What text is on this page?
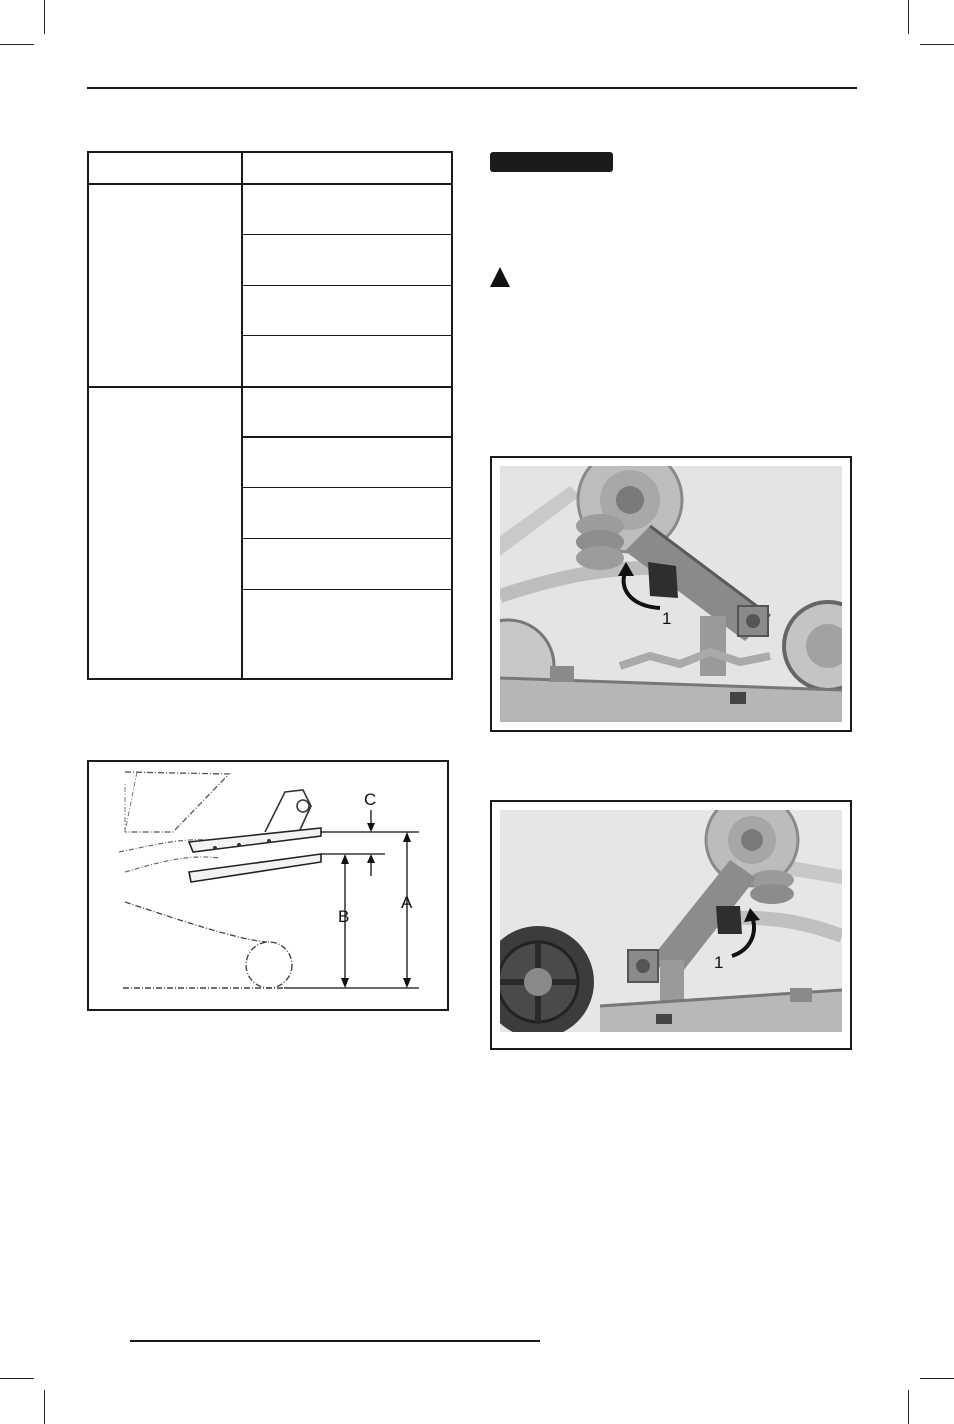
C
A
B
1
1
